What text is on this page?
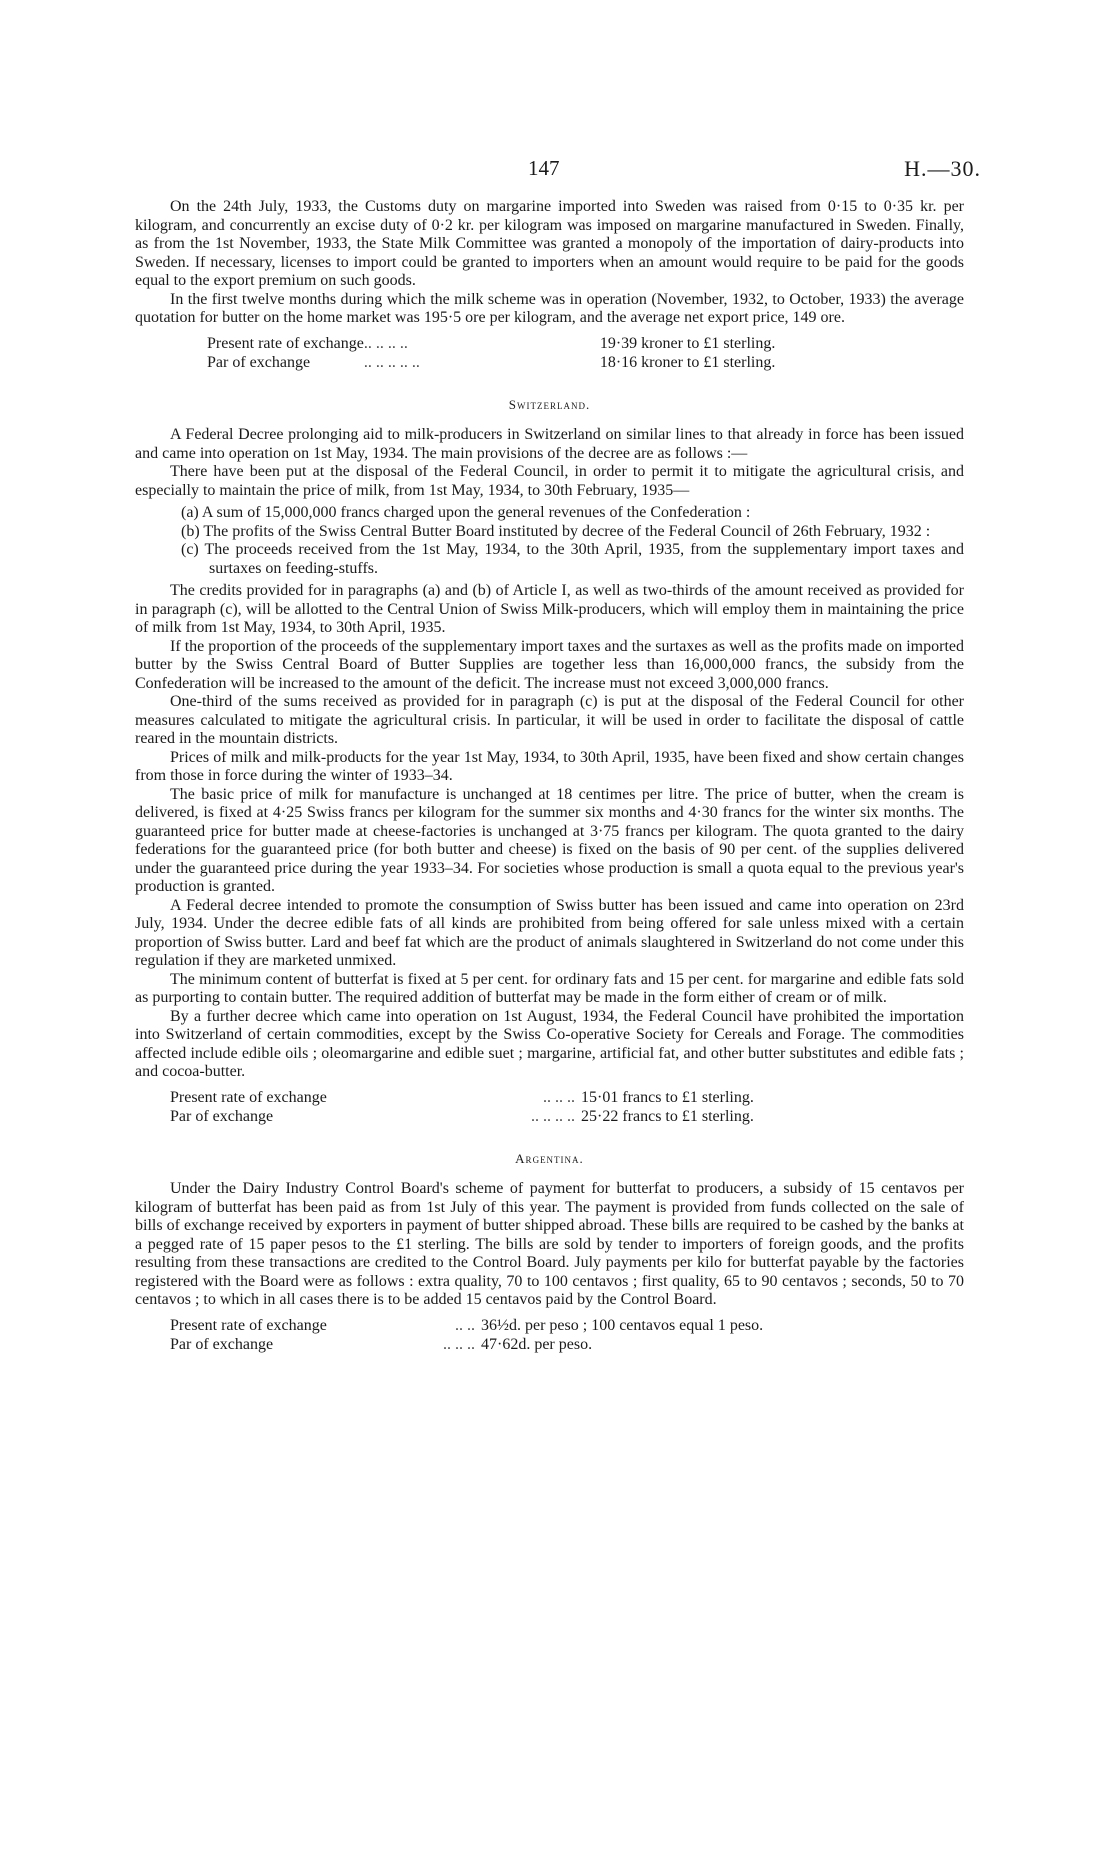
147	H.—30.

On the 24th July, 1933, the Customs duty on margarine imported into Sweden was raised from 0·15 to 0·35 kr. per kilogram, and concurrently an excise duty of 0·2 kr. per kilogram was imposed on margarine manufactured in Sweden. Finally, as from the 1st November, 1933, the State Milk Committee was granted a monopoly of the importation of dairy-products into Sweden. If necessary, licenses to import could be granted to importers when an amount would require to be paid for the goods equal to the export premium on such goods.

In the first twelve months during which the milk scheme was in operation (November, 1932, to October, 1933) the average quotation for butter on the home market was 195·5 ore per kilogram, and the average net export price, 149 ore.

Present rate of exchange	.. .. .. ..	19·39 kroner to £1 sterling.
Par of exchange	.. .. .. .. ..	18·16 kroner to £1 sterling.
Switzerland.

A Federal Decree prolonging aid to milk-producers in Switzerland on similar lines to that already in force has been issued and came into operation on 1st May, 1934. The main provisions of the decree are as follows :—

There have been put at the disposal of the Federal Council, in order to permit it to mitigate the agricultural crisis, and especially to maintain the price of milk, from 1st May, 1934, to 30th February, 1935—

(a) A sum of 15,000,000 francs charged upon the general revenues of the Confederation :

(b) The profits of the Swiss Central Butter Board instituted by decree of the Federal Council of 26th February, 1932 :

(c) The proceeds received from the 1st May, 1934, to the 30th April, 1935, from the supplementary import taxes and surtaxes on feeding-stuffs.

The credits provided for in paragraphs (a) and (b) of Article I, as well as two-thirds of the amount received as provided for in paragraph (c), will be allotted to the Central Union of Swiss Milk-producers, which will employ them in maintaining the price of milk from 1st May, 1934, to 30th April, 1935.

If the proportion of the proceeds of the supplementary import taxes and the surtaxes as well as the profits made on imported butter by the Swiss Central Board of Butter Supplies are together less than 16,000,000 francs, the subsidy from the Confederation will be increased to the amount of the deficit. The increase must not exceed 3,000,000 francs.

One-third of the sums received as provided for in paragraph (c) is put at the disposal of the Federal Council for other measures calculated to mitigate the agricultural crisis. In particular, it will be used in order to facilitate the disposal of cattle reared in the mountain districts.

Prices of milk and milk-products for the year 1st May, 1934, to 30th April, 1935, have been fixed and show certain changes from those in force during the winter of 1933–34.

The basic price of milk for manufacture is unchanged at 18 centimes per litre. The price of butter, when the cream is delivered, is fixed at 4·25 Swiss francs per kilogram for the summer six months and 4·30 francs for the winter six months. The guaranteed price for butter made at cheese-factories is unchanged at 3·75 francs per kilogram. The quota granted to the dairy federations for the guaranteed price (for both butter and cheese) is fixed on the basis of 90 per cent. of the supplies delivered under the guaranteed price during the year 1933–34. For societies whose production is small a quota equal to the previous year's production is granted.

A Federal decree intended to promote the consumption of Swiss butter has been issued and came into operation on 23rd July, 1934. Under the decree edible fats of all kinds are prohibited from being offered for sale unless mixed with a certain proportion of Swiss butter. Lard and beef fat which are the product of animals slaughtered in Switzerland do not come under this regulation if they are marketed unmixed.

The minimum content of butterfat is fixed at 5 per cent. for ordinary fats and 15 per cent. for margarine and edible fats sold as purporting to contain butter. The required addition of butterfat may be made in the form either of cream or of milk.

By a further decree which came into operation on 1st August, 1934, the Federal Council have prohibited the importation into Switzerland of certain commodities, except by the Swiss Co-operative Society for Cereals and Forage. The commodities affected include edible oils ; oleomargarine and edible suet ; margarine, artificial fat, and other butter substitutes and edible fats ; and cocoa-butter.

Present rate of exchange	.. .. ..	15·01 francs to £1 sterling.
Par of exchange	.. .. .. ..	25·22 francs to £1 sterling.
Argentina.

Under the Dairy Industry Control Board's scheme of payment for butterfat to producers, a subsidy of 15 centavos per kilogram of butterfat has been paid as from 1st July of this year. The payment is provided from funds collected on the sale of bills of exchange received by exporters in payment of butter shipped abroad. These bills are required to be cashed by the banks at a pegged rate of 15 paper pesos to the £1 sterling. The bills are sold by tender to importers of foreign goods, and the profits resulting from these transactions are credited to the Control Board. July payments per kilo for butterfat payable by the factories registered with the Board were as follows : extra quality, 70 to 100 centavos ; first quality, 65 to 90 centavos ; seconds, 50 to 70 centavos ; to which in all cases there is to be added 15 centavos paid by the Control Board.

Present rate of exchange	.. ..	36½d. per peso ; 100 centavos equal 1 peso.
Par of exchange	.. .. ..	47·62d. per peso.
